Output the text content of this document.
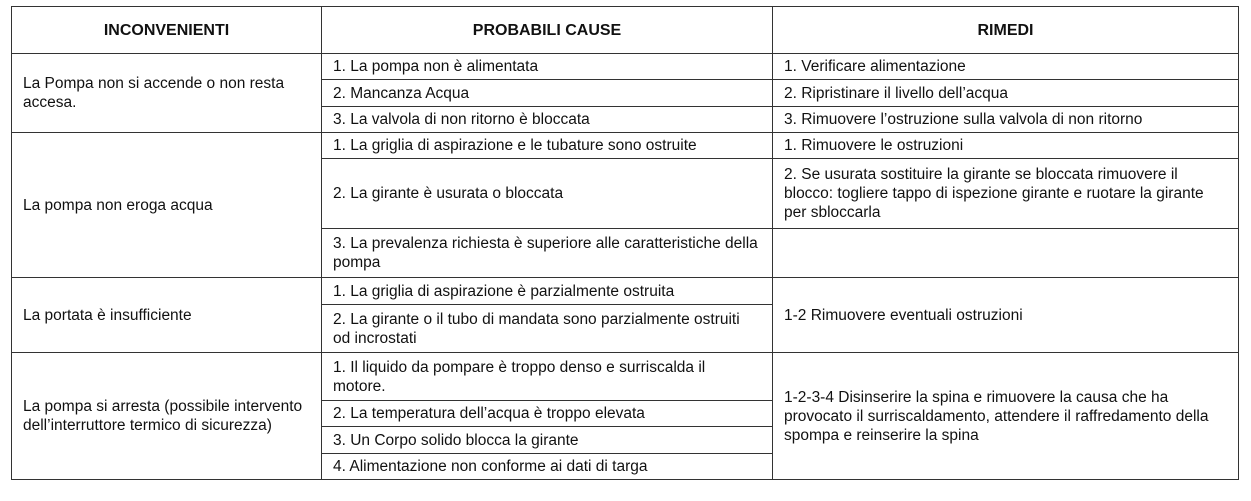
INCONVENIENTI	PROBABILI CAUSE	RIMEDI
La Pompa non si accende o non resta accesa.	1. La pompa non è alimentata	1. Verificare alimentazione
	2. Mancanza Acqua	2. Ripristinare il livello dell’acqua
	3. La valvola di non ritorno è bloccata	3. Rimuovere l’ostruzione sulla valvola di non ritorno
La pompa non eroga acqua	1. La griglia di aspirazione e le tubature sono ostruite	1. Rimuovere le ostruzioni
	2. La girante è usurata o bloccata	2. Se usurata sostituire la girante se bloccata rimuovere il blocco: togliere tappo di ispezione girante e ruotare la girante per sbloccarla
	3. La prevalenza richiesta è superiore alle caratteristiche della pompa	
La portata è insufficiente	1. La griglia di aspirazione è parzialmente ostruita	1-2 Rimuovere eventuali ostruzioni
	2. La girante o il tubo di mandata sono parzialmente ostruiti od incrostati	
La pompa si arresta (possibile intervento dell’interruttore termico di sicurezza)	1. Il liquido da pompare è troppo denso e surriscalda il motore.	1-2-3-4 Disinserire la spina e rimuovere la causa che ha provocato il surriscaldamento, attendere il raffredamento della spompa e reinserire la spina
	2. La temperatura dell’acqua è troppo elevata	
	3. Un Corpo solido blocca la girante	
	4. Alimentazione non conforme ai dati di targa	
